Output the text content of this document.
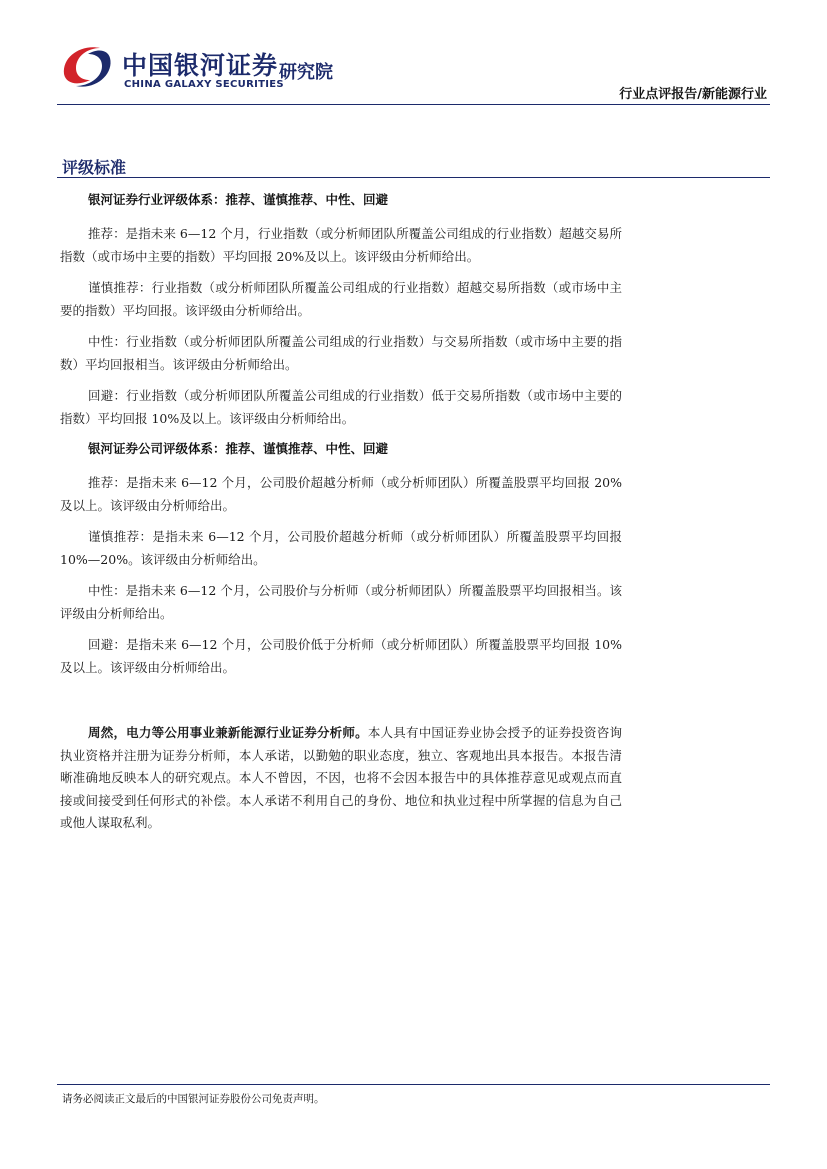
中国银河证券
CHINA GALAXY SECURITIES
研究院
行业点评报告/新能源行业
评级标准
银河证券行业评级体系：推荐、谨慎推荐、中性、回避

推荐：是指未来 6—12 个月，行业指数（或分析师团队所覆盖公司组成的行业指数）超越交易所指数（或市场中主要的指数）平均回报 20%及以上。该评级由分析师给出。

谨慎推荐：行业指数（或分析师团队所覆盖公司组成的行业指数）超越交易所指数（或市场中主要的指数）平均回报。该评级由分析师给出。

中性：行业指数（或分析师团队所覆盖公司组成的行业指数）与交易所指数（或市场中主要的指数）平均回报相当。该评级由分析师给出。

回避：行业指数（或分析师团队所覆盖公司组成的行业指数）低于交易所指数（或市场中主要的指数）平均回报 10%及以上。该评级由分析师给出。

银河证券公司评级体系：推荐、谨慎推荐、中性、回避

推荐：是指未来 6—12 个月，公司股价超越分析师（或分析师团队）所覆盖股票平均回报 20%及以上。该评级由分析师给出。

谨慎推荐：是指未来 6—12 个月，公司股价超越分析师（或分析师团队）所覆盖股票平均回报 10%—20%。该评级由分析师给出。

中性：是指未来 6—12 个月，公司股价与分析师（或分析师团队）所覆盖股票平均回报相当。该评级由分析师给出。

回避：是指未来 6—12 个月，公司股价低于分析师（或分析师团队）所覆盖股票平均回报 10%及以上。该评级由分析师给出。

周然，电力等公用事业兼新能源行业证券分析师。本人具有中国证券业协会授予的证券投资咨询执业资格并注册为证券分析师，本人承诺，以勤勉的职业态度，独立、客观地出具本报告。本报告清晰准确地反映本人的研究观点。本人不曾因，不因，也将不会因本报告中的具体推荐意见或观点而直接或间接受到任何形式的补偿。本人承诺不利用自己的身份、地位和执业过程中所掌握的信息为自己或他人谋取私利。

请务必阅读正文最后的中国银河证券股份公司免责声明。
